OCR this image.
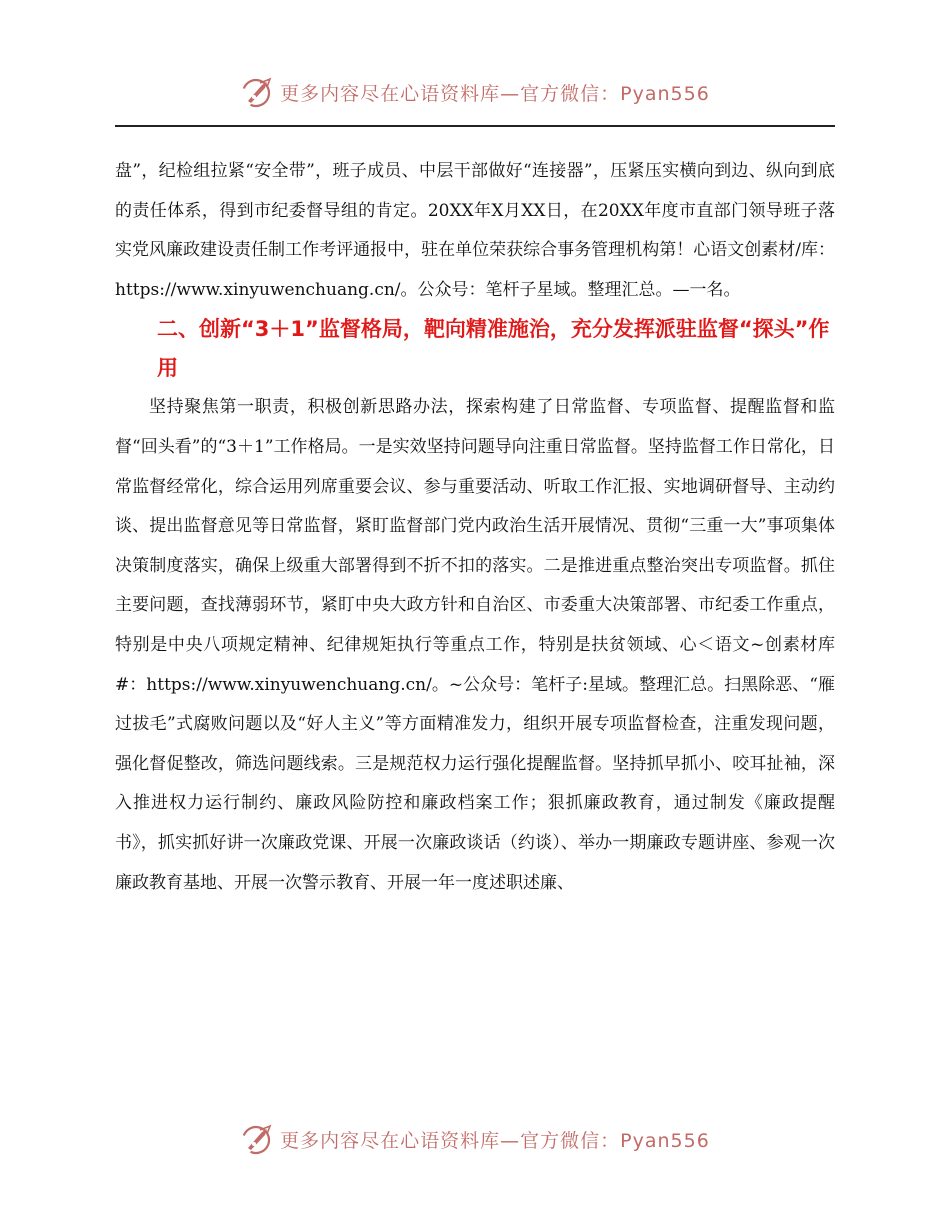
更多内容尽在心语资料库—官方微信：Pyan556

盘”，纪检组拉紧“安全带”，班子成员、中层干部做好“连接器”，压紧压实横向到边、纵向到底的责任体系，得到市纪委督导组的肯定。20XX年X月XX日，在20XX年度市直部门领导班子落实党风廉政建设责任制工作考评通报中，驻在单位荣获综合事务管理机构第！心语文创素材/库：https://www.xinyuwenchuang.cn/。公众号：笔杆子星域。整理汇总。—一名。

二、创新“3＋1”监督格局，靶向精准施治，充分发挥派驻监督“探头”作用

坚持聚焦第一职责，积极创新思路办法，探索构建了日常监督、专项监督、提醒监督和监督“回头看”的“3＋1”工作格局。一是实效坚持问题导向注重日常监督。坚持监督工作日常化，日常监督经常化，综合运用列席重要会议、参与重要活动、听取工作汇报、实地调研督导、主动约谈、提出监督意见等日常监督，紧盯监督部门党内政治生活开展情况、贯彻“三重一大”事项集体决策制度落实，确保上级重大部署得到不折不扣的落实。二是推进重点整治突出专项监督。抓住主要问题，查找薄弱环节，紧盯中央大政方针和自治区、市委重大决策部署、市纪委工作重点，特别是中央八项规定精神、纪律规矩执行等重点工作，特别是扶贫领域、心＜语文~创素材库#：https://www.xinyuwenchuang.cn/。~公众号：笔杆子:星域。整理汇总。扫黑除恶、“雁过拔毛”式腐败问题以及“好人主义”等方面精准发力，组织开展专项监督检查，注重发现问题，强化督促整改，筛选问题线索。三是规范权力运行强化提醒监督。坚持抓早抓小、咬耳扯袖，深入推进权力运行制约、廉政风险防控和廉政档案工作；狠抓廉政教育，通过制发《廉政提醒书》，抓实抓好讲一次廉政党课、开展一次廉政谈话（约谈）、举办一期廉政专题讲座、参观一次廉政教育基地、开展一次警示教育、开展一年一度述职述廉、

更多内容尽在心语资料库—官方微信：Pyan556
